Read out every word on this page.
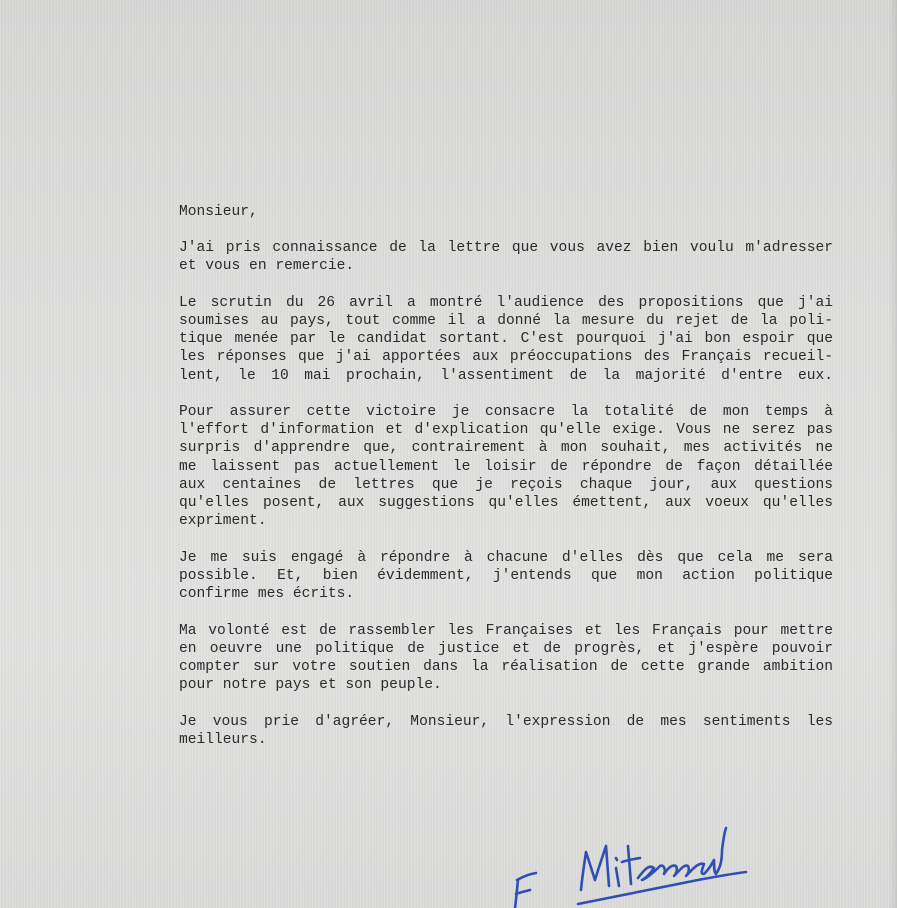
Monsieur,
J'ai pris connaissance de la lettre que vous avez bien voulu m'adresser
et vous en remercie.
Le scrutin du 26 avril a montré l'audience des propositions que j'ai
soumises au pays, tout comme il a donné la mesure du rejet de la poli-
tique menée par le candidat sortant. C'est pourquoi j'ai bon espoir que
les réponses que j'ai apportées aux préoccupations des Français recueil-
lent, le 10 mai prochain, l'assentiment de la majorité d'entre eux.
Pour assurer cette victoire je consacre la totalité de mon temps à
l'effort d'information et d'explication qu'elle exige. Vous ne serez pas
surpris d'apprendre que, contrairement à mon souhait, mes activités ne
me laissent pas actuellement le loisir de répondre de façon détaillée
aux centaines de lettres que je reçois chaque jour, aux questions
qu'elles posent, aux suggestions qu'elles émettent, aux voeux qu'elles
expriment.
Je me suis engagé à répondre à chacune d'elles dès que cela me sera
possible. Et, bien évidemment, j'entends que mon action politique
confirme mes écrits.
Ma volonté est de rassembler les Françaises et les Français pour mettre
en oeuvre une politique de justice et de progrès, et j'espère pouvoir
compter sur votre soutien dans la réalisation de cette grande ambition
pour notre pays et son peuple.
Je vous prie d'agréer, Monsieur, l'expression de mes sentiments les
meilleurs.
